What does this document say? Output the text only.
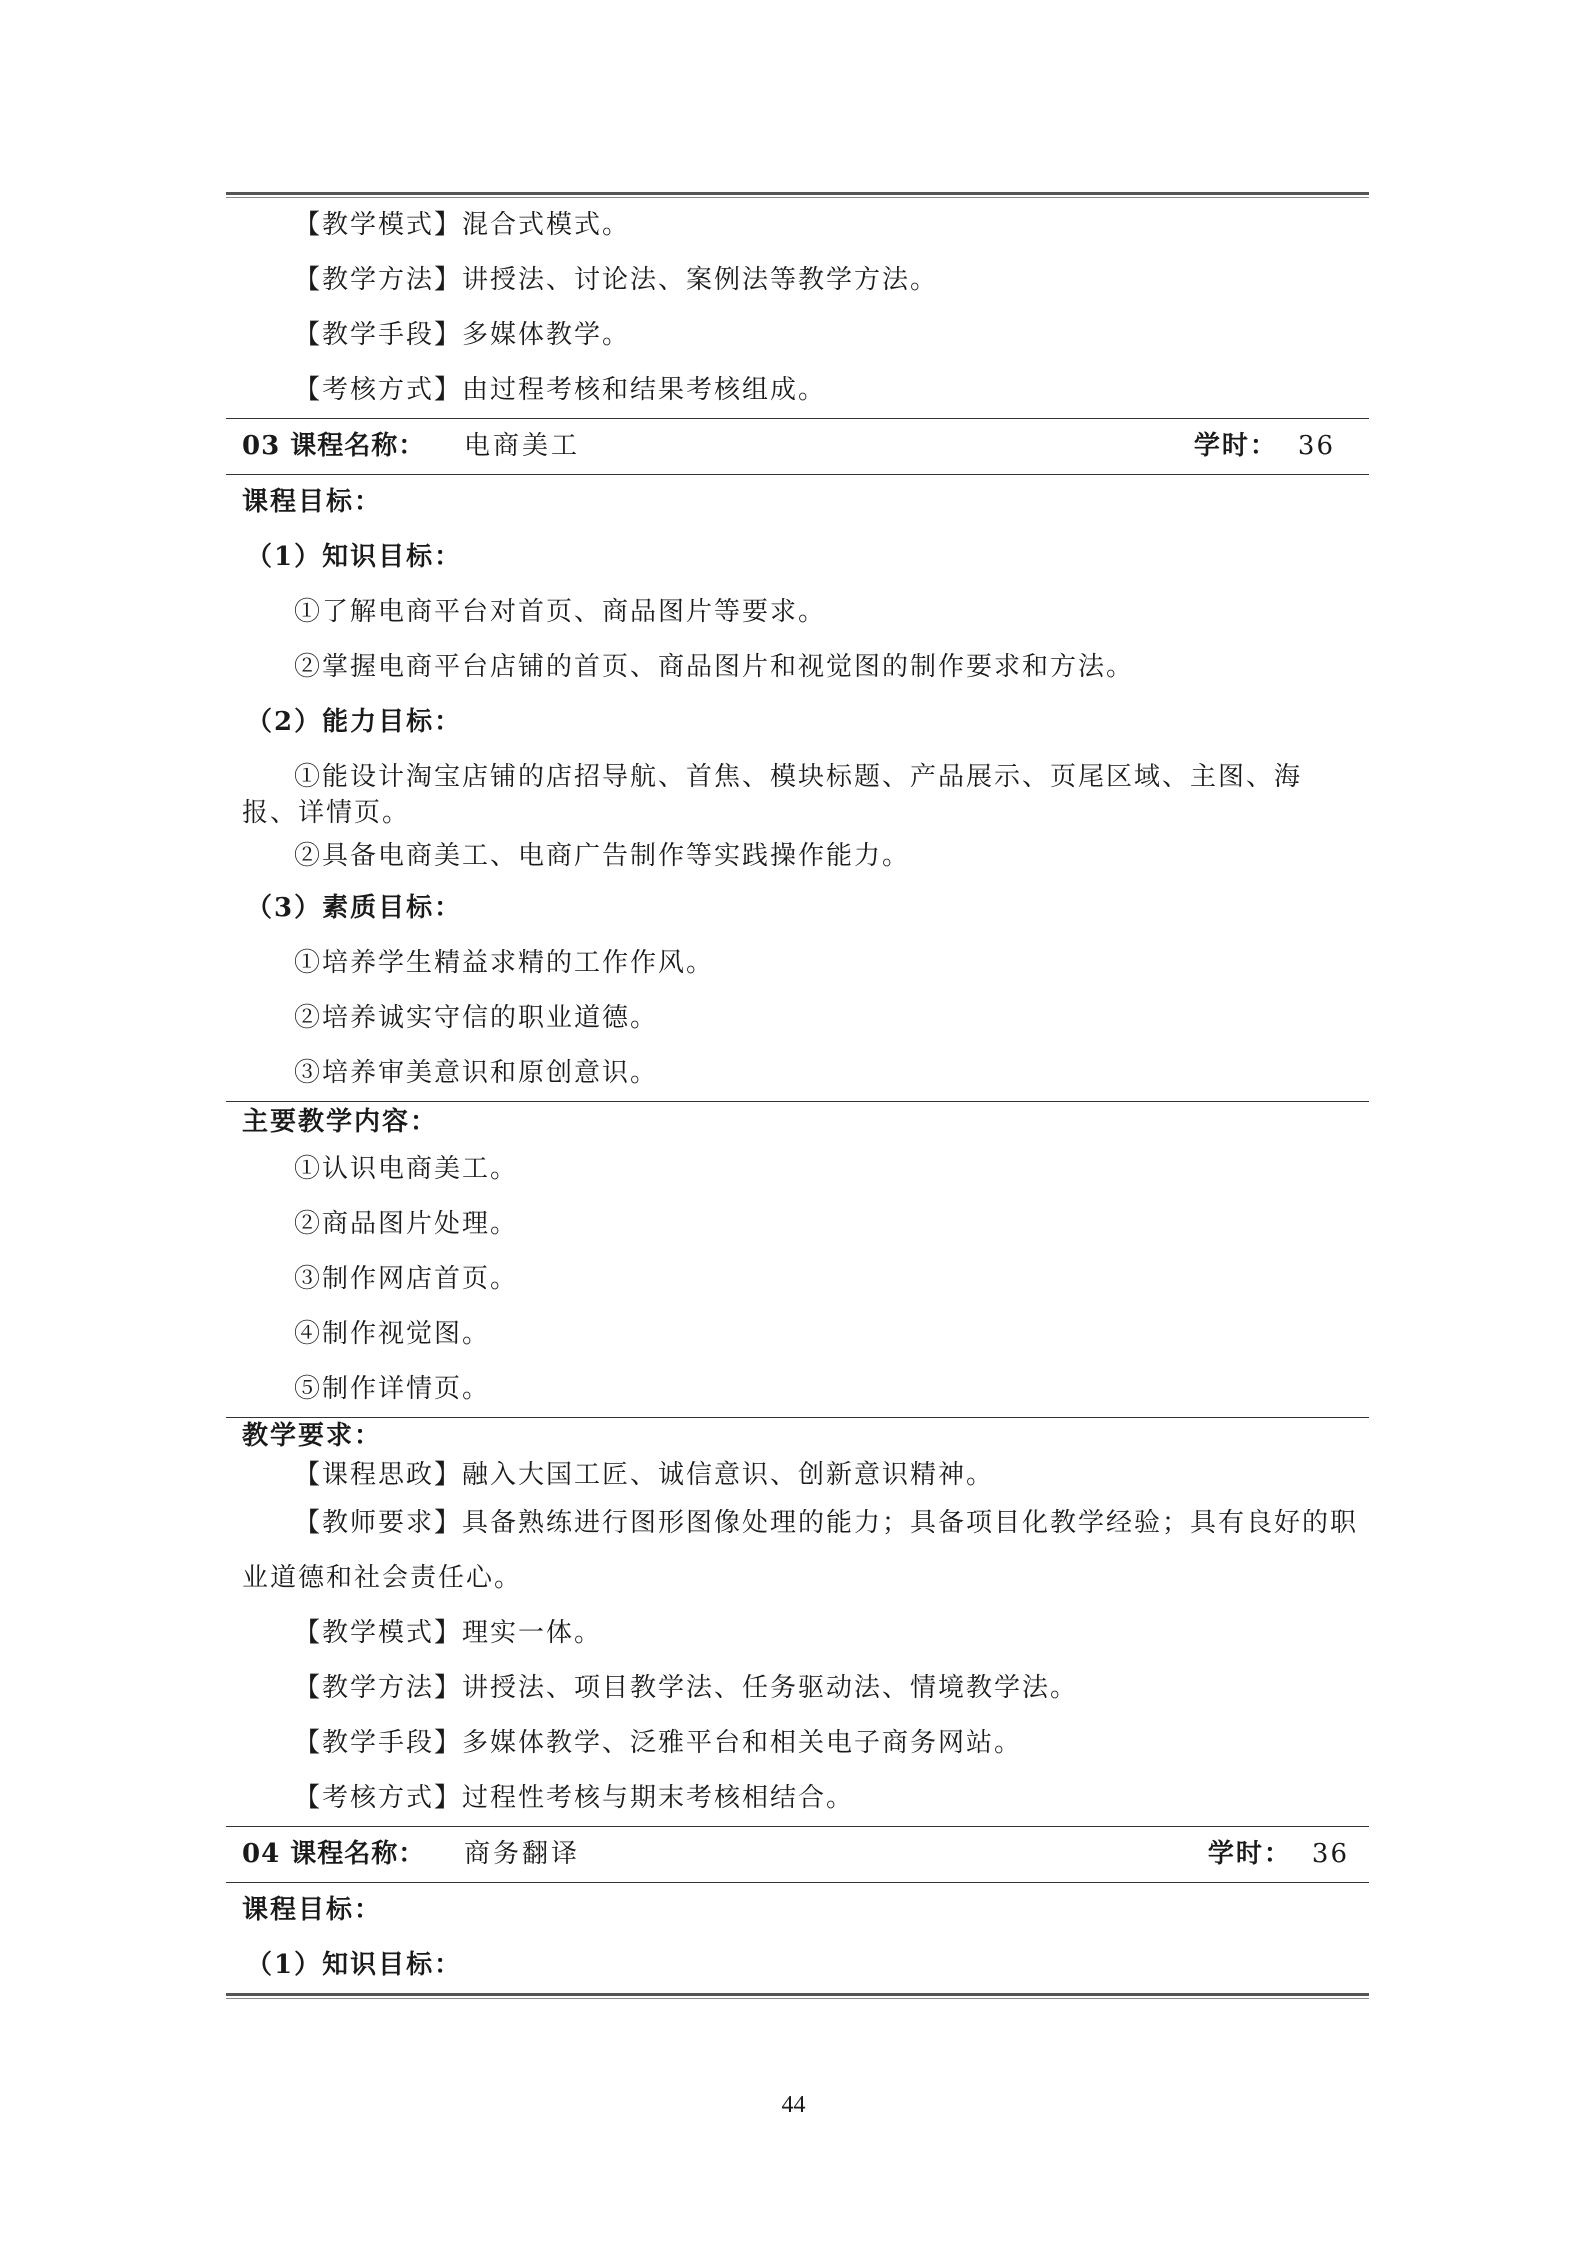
【教学模式】混合式模式。
【教学方法】讲授法、讨论法、案例法等教学方法。
【教学手段】多媒体教学。
【考核方式】由过程考核和结果考核组成。
03 课程名称： 电商美工	学时： 36
课程目标：
（1）知识目标：
①了解电商平台对首页、商品图片等要求。
②掌握电商平台店铺的首页、商品图片和视觉图的制作要求和方法。
（2）能力目标：
①能设计淘宝店铺的店招导航、首焦、模块标题、产品展示、页尾区域、主图、海报、详情页。
②具备电商美工、电商广告制作等实践操作能力。
（3）素质目标：
①培养学生精益求精的工作作风。
②培养诚实守信的职业道德。
③培养审美意识和原创意识。
主要教学内容：
①认识电商美工。
②商品图片处理。
③制作网店首页。
④制作视觉图。
⑤制作详情页。
教学要求：
【课程思政】融入大国工匠、诚信意识、创新意识精神。
【教师要求】具备熟练进行图形图像处理的能力；具备项目化教学经验；具有良好的职业道德和社会责任心。
【教学模式】理实一体。
【教学方法】讲授法、项目教学法、任务驱动法、情境教学法。
【教学手段】多媒体教学、泛雅平台和相关电子商务网站。
【考核方式】过程性考核与期末考核相结合。
04 课程名称： 商务翻译	学时： 36
课程目标：
（1）知识目标：
44
